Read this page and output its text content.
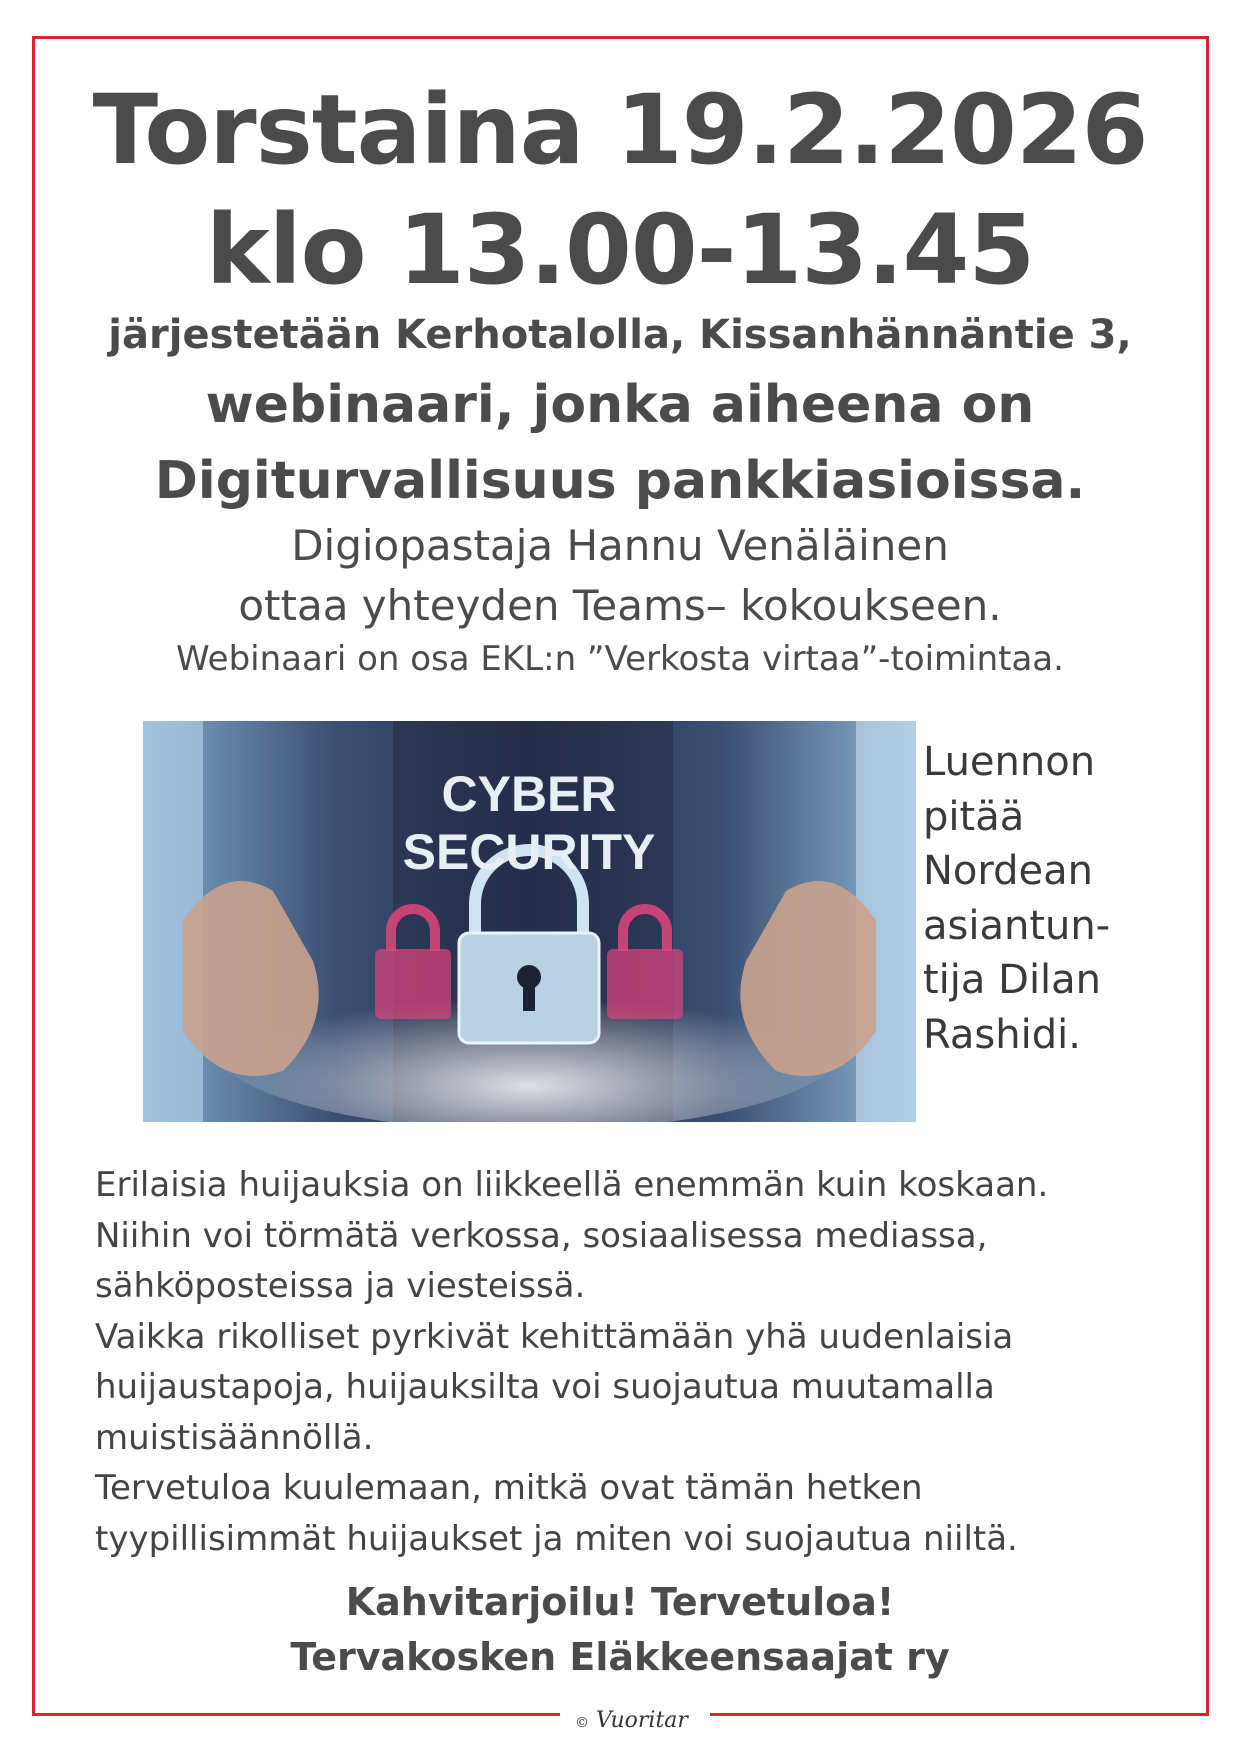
Torstaina 19.2.2026
klo 13.00-13.45
järjestetään Kerhotalolla, Kissanhännäntie 3,
webinaari, jonka aiheena on
Digiturvallisuus pankkiasioissa.
Digiopastaja Hannu Venäläinen
ottaa yhteyden Teams– kokoukseen.
Webinaari on osa EKL:n ”Verkosta virtaa”-toimintaa.
CYBER
SECURITY
Luennon
pitää
Nordean
asiantun-
tija Dilan
Rashidi.
Erilaisia huijauksia on liikkeellä enemmän kuin koskaan.
Niihin voi törmätä verkossa, sosiaalisessa mediassa,
sähköposteissa ja viesteissä.
Vaikka rikolliset pyrkivät kehittämään yhä uudenlaisia
huijaustapoja, huijauksilta voi suojautua muutamalla
muistisäännöllä.
Tervetuloa kuulemaan, mitkä ovat tämän hetken
tyypillisimmät huijaukset ja miten voi suojautua niiltä.
Kahvitarjoilu! Tervetuloa!
Tervakosken Eläkkeensaajat ry
© Vuoritar
